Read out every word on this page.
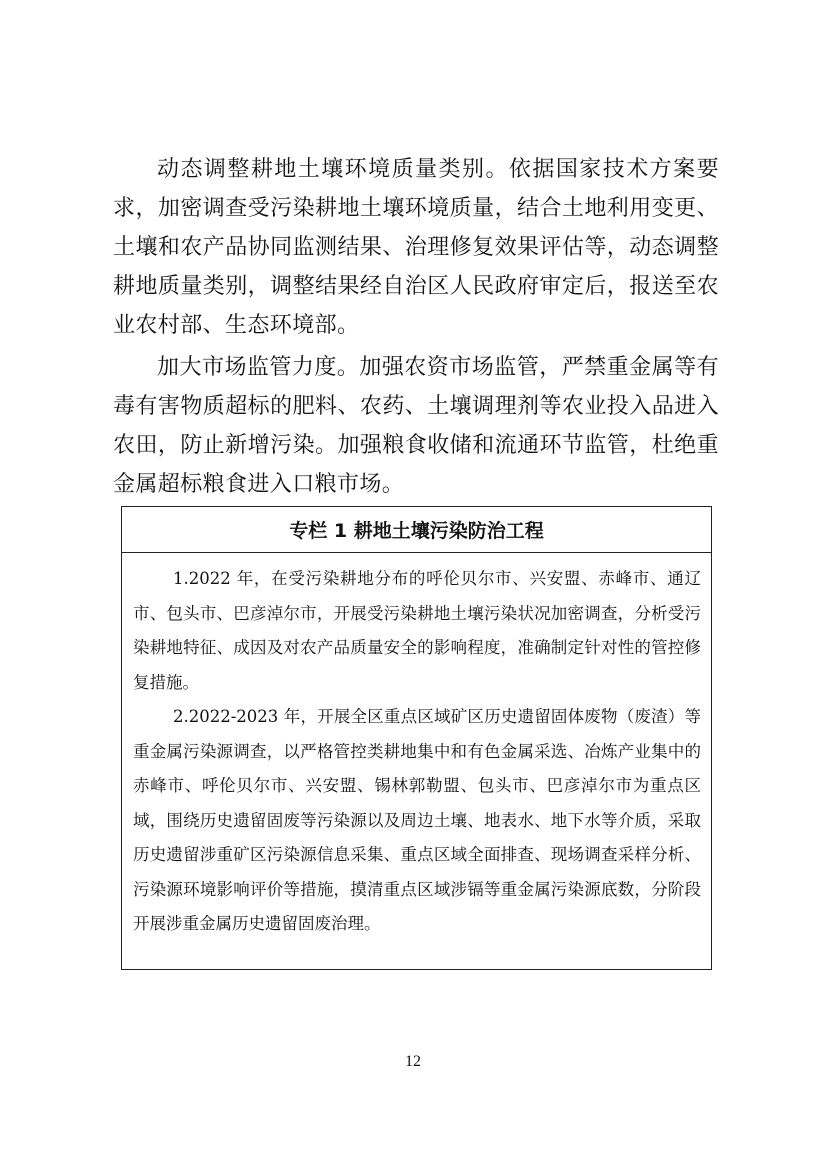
动态调整耕地土壤环境质量类别。依据国家技术方案要求，加密调查受污染耕地土壤环境质量，结合土地利用变更、土壤和农产品协同监测结果、治理修复效果评估等，动态调整耕地质量类别，调整结果经自治区人民政府审定后，报送至农业农村部、生态环境部。

加大市场监管力度。加强农资市场监管，严禁重金属等有毒有害物质超标的肥料、农药、土壤调理剂等农业投入品进入农田，防止新增污染。加强粮食收储和流通环节监管，杜绝重金属超标粮食进入口粮市场。

专栏 1 耕地土壤污染防治工程

1.2022 年，在受污染耕地分布的呼伦贝尔市、兴安盟、赤峰市、通辽市、包头市、巴彦淖尔市，开展受污染耕地土壤污染状况加密调查，分析受污染耕地特征、成因及对农产品质量安全的影响程度，准确制定针对性的管控修复措施。

2.2022-2023 年，开展全区重点区域矿区历史遗留固体废物（废渣）等重金属污染源调查，以严格管控类耕地集中和有色金属采选、冶炼产业集中的赤峰市、呼伦贝尔市、兴安盟、锡林郭勒盟、包头市、巴彦淖尔市为重点区域，围绕历史遗留固废等污染源以及周边土壤、地表水、地下水等介质，采取历史遗留涉重矿区污染源信息采集、重点区域全面排查、现场调查采样分析、污染源环境影响评价等措施，摸清重点区域涉镉等重金属污染源底数，分阶段开展涉重金属历史遗留固废治理。

12
